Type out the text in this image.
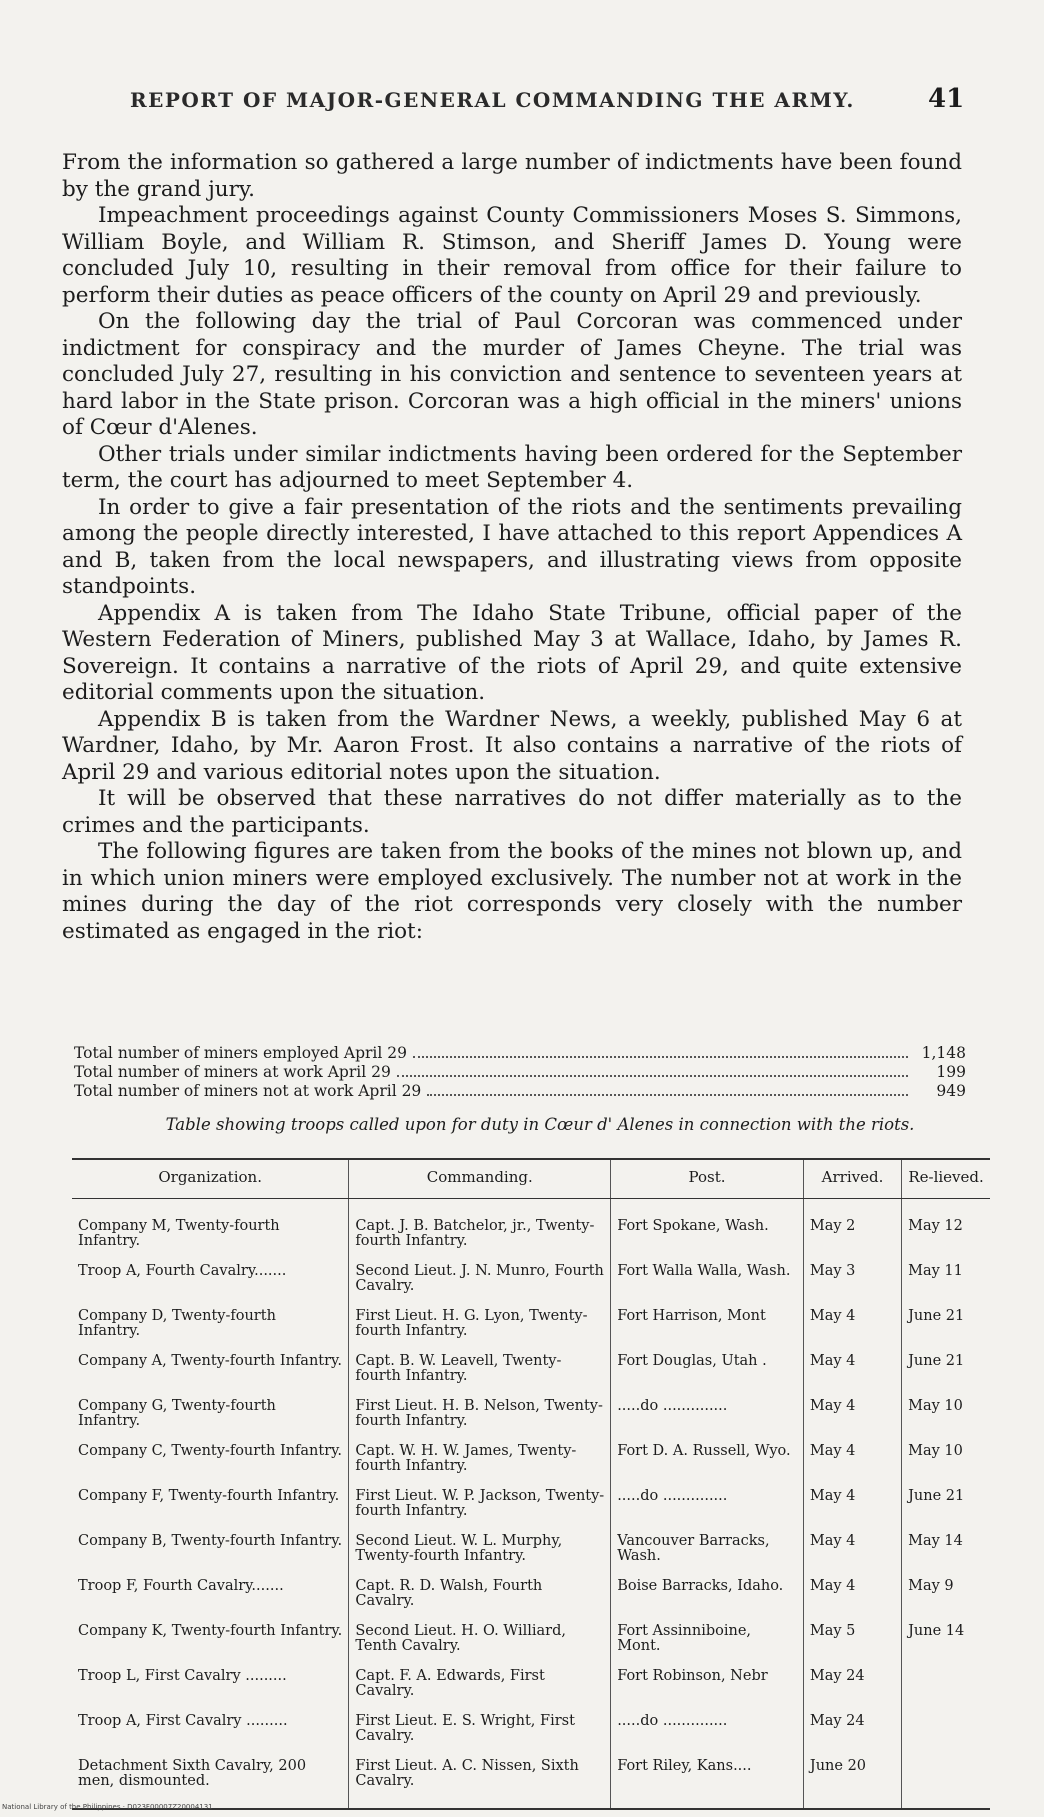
REPORT OF MAJOR-GENERAL COMMANDING THE ARMY.	41

From the information so gathered a large number of indictments have been found by the grand jury.

Impeachment proceedings against County Commissioners Moses S. Simmons, William Boyle, and William R. Stimson, and Sheriff James D. Young were concluded July 10, resulting in their removal from office for their failure to perform their duties as peace officers of the county on April 29 and previously.

On the following day the trial of Paul Corcoran was commenced under indictment for conspiracy and the murder of James Cheyne. The trial was concluded July 27, resulting in his conviction and sentence to seventeen years at hard labor in the State prison. Corcoran was a high official in the miners' unions of Cœur d'Alenes.

Other trials under similar indictments having been ordered for the September term, the court has adjourned to meet September 4.

In order to give a fair presentation of the riots and the sentiments prevailing among the people directly interested, I have attached to this report Appendices A and B, taken from the local newspapers, and illustrating views from opposite standpoints.

Appendix A is taken from The Idaho State Tribune, official paper of the Western Federation of Miners, published May 3 at Wallace, Idaho, by James R. Sovereign. It contains a narrative of the riots of April 29, and quite extensive editorial comments upon the situation.

Appendix B is taken from the Wardner News, a weekly, published May 6 at Wardner, Idaho, by Mr. Aaron Frost. It also contains a narrative of the riots of April 29 and various editorial notes upon the situation.

It will be observed that these narratives do not differ materially as to the crimes and the participants.

The following figures are taken from the books of the mines not blown up, and in which union miners were employed exclusively. The number not at work in the mines during the day of the riot corresponds very closely with the number estimated as engaged in the riot:

Total number of miners employed April 29	1,148
Total number of miners at work April 29	199
Total number of miners not at work April 29	949
Table showing troops called upon for duty in Cœur d' Alenes in connection with the riots.
Organization.	Commanding.	Post.	Arrived.	Re-lieved.
Company M, Twenty-fourth Infantry.	Capt. J. B. Batchelor, jr., Twenty-fourth Infantry.	Fort Spokane, Wash.	May 2	May 12
Troop A, Fourth Cavalry.......	Second Lieut. J. N. Munro, Fourth Cavalry.	Fort Walla Walla, Wash.	May 3	May 11
Company D, Twenty-fourth Infantry.	First Lieut. H. G. Lyon, Twenty-fourth Infantry.	Fort Harrison, Mont	May 4	June 21
Company A, Twenty-fourth Infantry.	Capt. B. W. Leavell, Twenty-fourth Infantry.	Fort Douglas, Utah .	May 4	June 21
Company G, Twenty-fourth Infantry.	First Lieut. H. B. Nelson, Twenty-fourth Infantry.	.....do ..............	May 4	May 10
Company C, Twenty-fourth Infantry.	Capt. W. H. W. James, Twenty-fourth Infantry.	Fort D. A. Russell, Wyo.	May 4	May 10
Company F, Twenty-fourth Infantry.	First Lieut. W. P. Jackson, Twenty-fourth Infantry.	.....do ..............	May 4	June 21
Company B, Twenty-fourth Infantry.	Second Lieut. W. L. Murphy, Twenty-fourth Infantry.	Vancouver Barracks, Wash.	May 4	May 14
Troop F, Fourth Cavalry.......	Capt. R. D. Walsh, Fourth Cavalry.	Boise Barracks, Idaho.	May 4	May 9
Company K, Twenty-fourth Infantry.	Second Lieut. H. O. Williard, Tenth Cavalry.	Fort Assinniboine, Mont.	May 5	June 14
Troop L, First Cavalry .........	Capt. F. A. Edwards, First Cavalry.	Fort Robinson, Nebr	May 24	
Troop A, First Cavalry .........	First Lieut. E. S. Wright, First Cavalry.	.....do ..............	May 24	
Detachment Sixth Cavalry, 200 men, dismounted.	First Lieut. A. C. Nissen, Sixth Cavalry.	Fort Riley, Kans....	June 20	
National Library of the Philippines · D023F00007Z20004131
